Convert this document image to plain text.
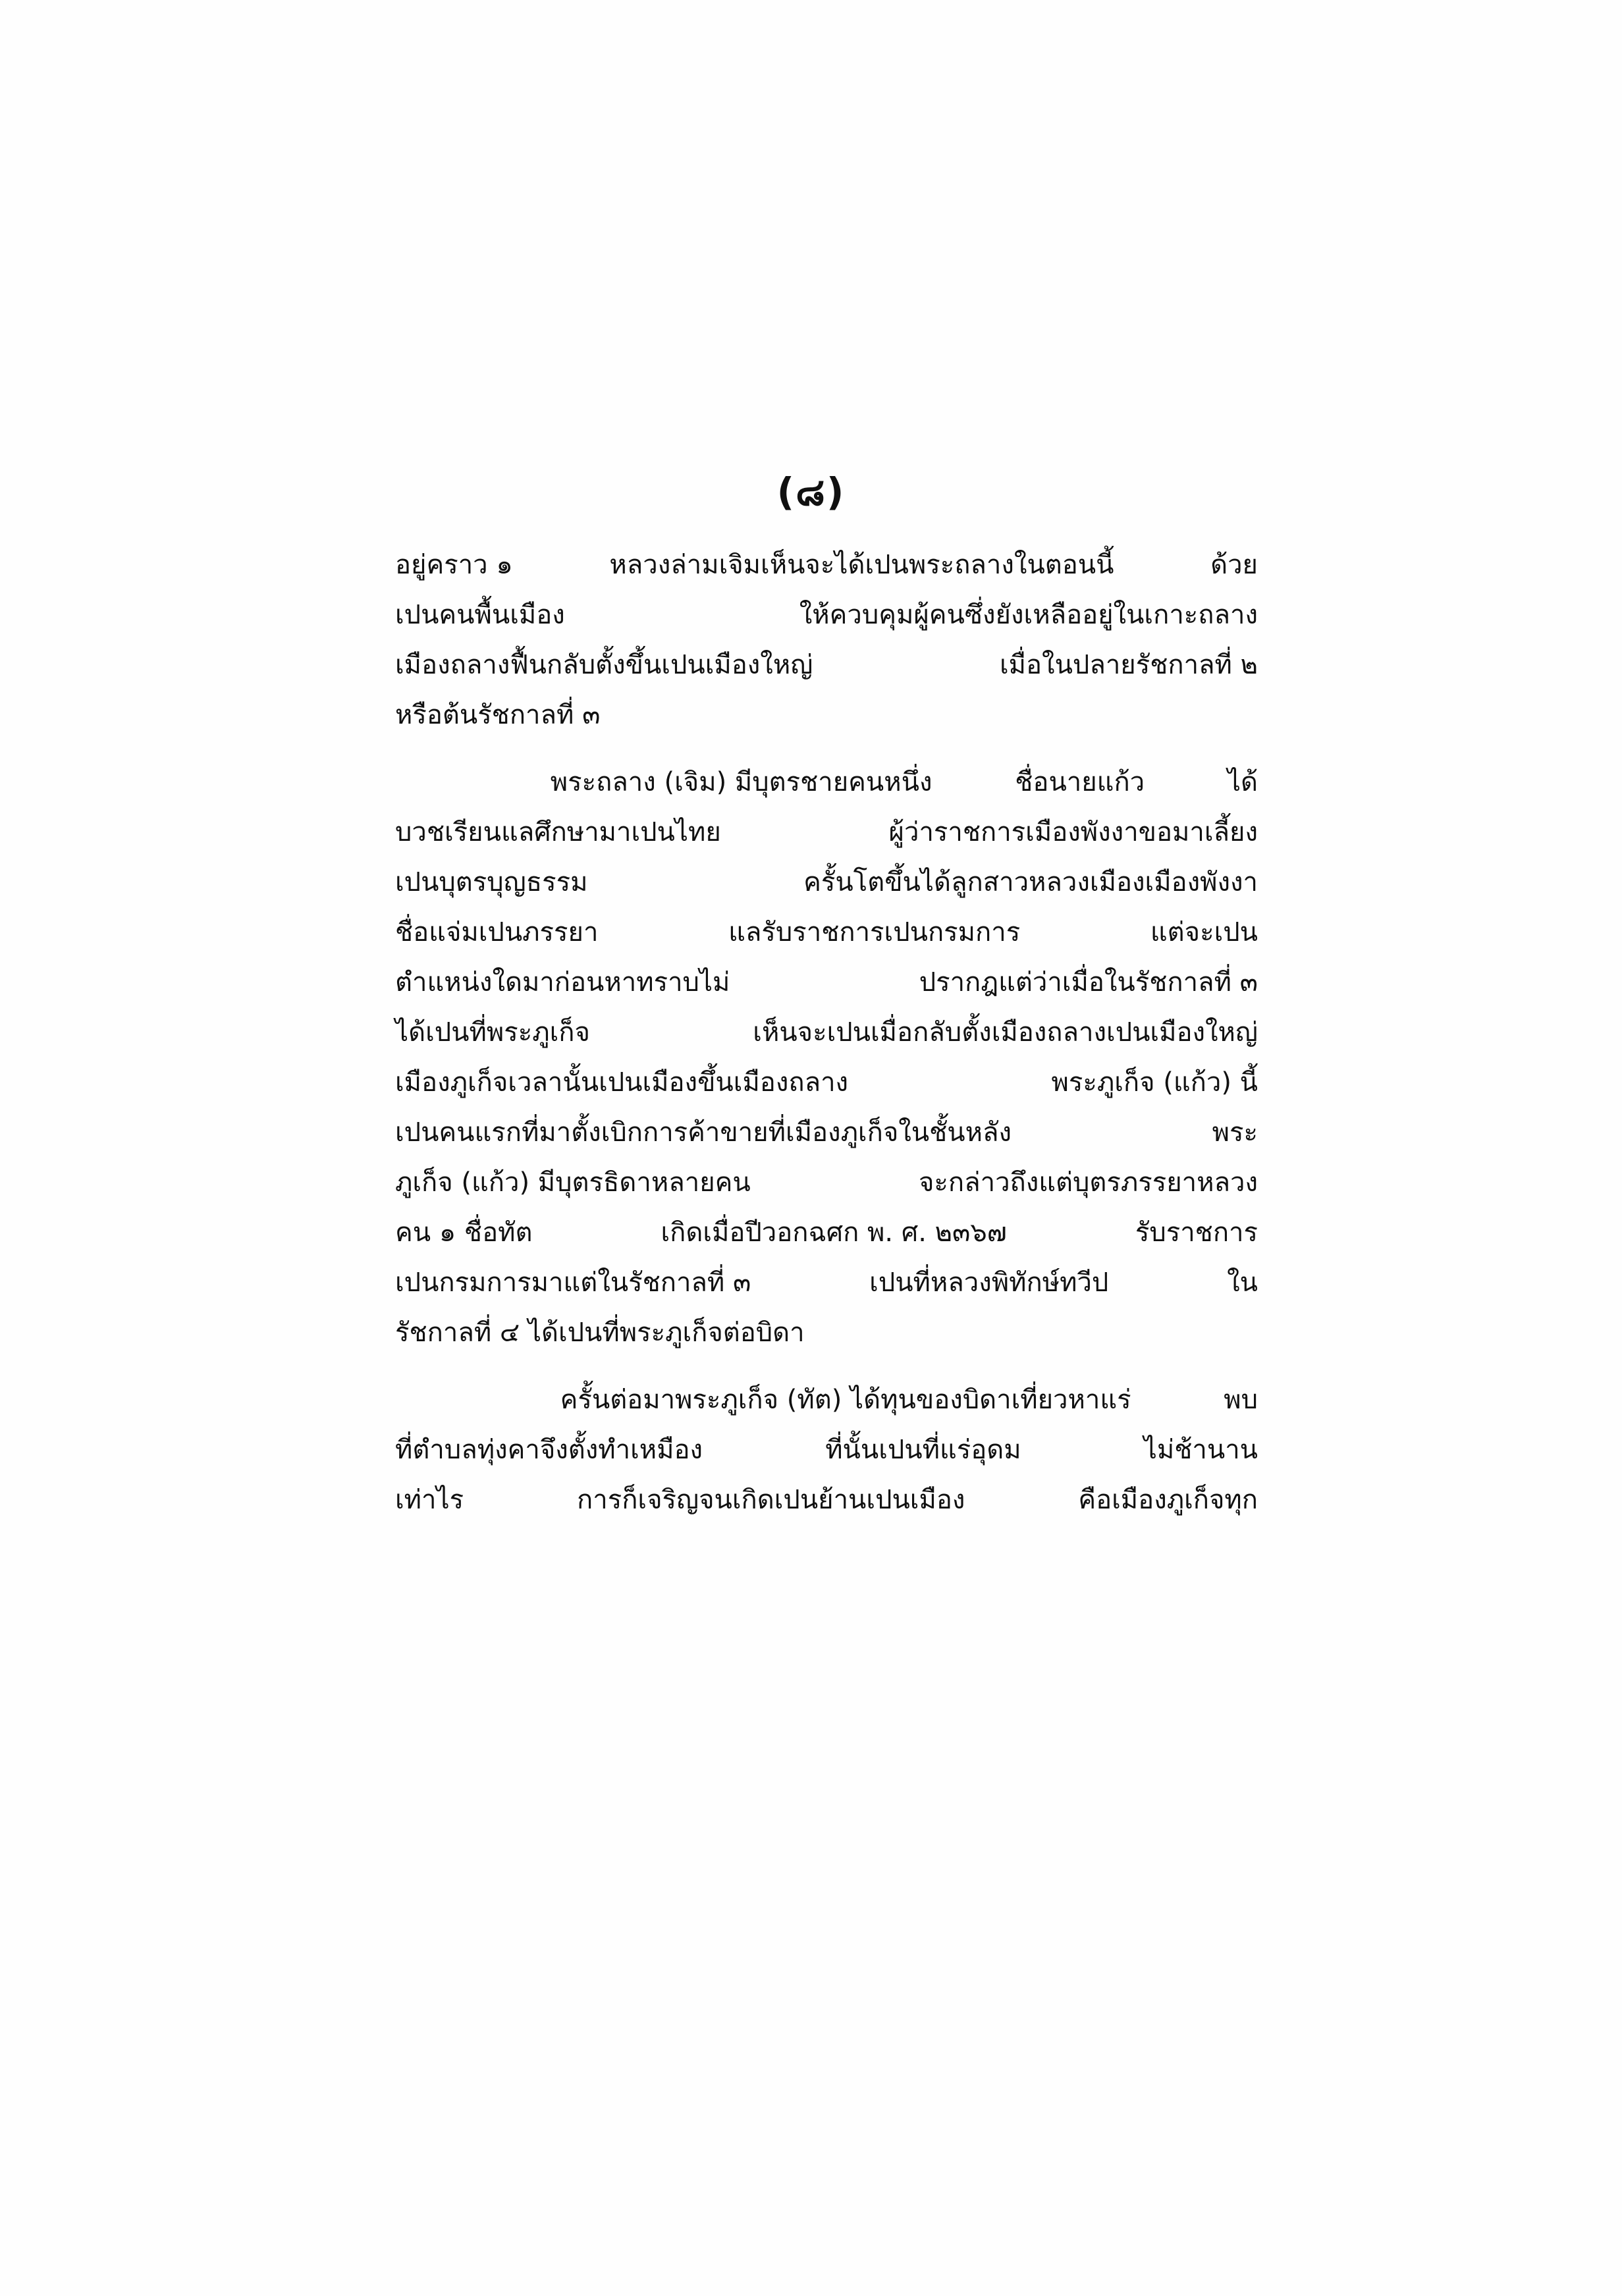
(๘)
อยู่คราว ๑	หลวงล่ามเจิมเห็นจะได้เปนพระถลางในตอนนี้	ด้วย
เปนคนพื้นเมือง	ให้ควบคุมผู้คนซึ่งยังเหลืออยู่ในเกาะถลาง
เมืองถลางฟื้นกลับตั้งขึ้นเปนเมืองใหญ่	เมื่อในปลายรัชกาลที่ ๒
หรือต้นรัชกาลที่ ๓
พระถลาง (เจิม) มีบุตรชายคนหนึ่ง	ชื่อนายแก้ว	ได้
บวชเรียนแลศึกษามาเปนไทย	ผู้ว่าราชการเมืองพังงาขอมาเลี้ยง
เปนบุตรบุญธรรม	ครั้นโตขึ้นได้ลูกสาวหลวงเมืองเมืองพังงา
ชื่อแจ่มเปนภรรยา	แลรับราชการเปนกรมการ	แต่จะเปน
ตำแหน่งใดมาก่อนหาทราบไม่	ปรากฎแต่ว่าเมื่อในรัชกาลที่ ๓
ได้เปนที่พระภูเก็จ	เห็นจะเปนเมื่อกลับตั้งเมืองถลางเปนเมืองใหญ่
เมืองภูเก็จเวลานั้นเปนเมืองขึ้นเมืองถลาง	พระภูเก็จ (แก้ว) นี้
เปนคนแรกที่มาตั้งเบิกการค้าขายที่เมืองภูเก็จในชั้นหลัง	พระ
ภูเก็จ (แก้ว) มีบุตรธิดาหลายคน	จะกล่าวถึงแต่บุตรภรรยาหลวง
คน ๑ ชื่อทัต	เกิดเมื่อปีวอกฉศก พ. ศ. ๒๓๖๗	รับราชการ
เปนกรมการมาแต่ในรัชกาลที่ ๓	เปนที่หลวงพิทักษ์ทวีป	ใน
รัชกาลที่ ๔ ได้เปนที่พระภูเก็จต่อบิดา
ครั้นต่อมาพระภูเก็จ (ทัต) ได้ทุนของบิดาเที่ยวหาแร่	พบ
ที่ตำบลทุ่งคาจึงตั้งทำเหมือง	ที่นั้นเปนที่แร่อุดม	ไม่ช้านาน
เท่าไร	การก็เจริญจนเกิดเปนย้านเปนเมือง	คือเมืองภูเก็จทุก
